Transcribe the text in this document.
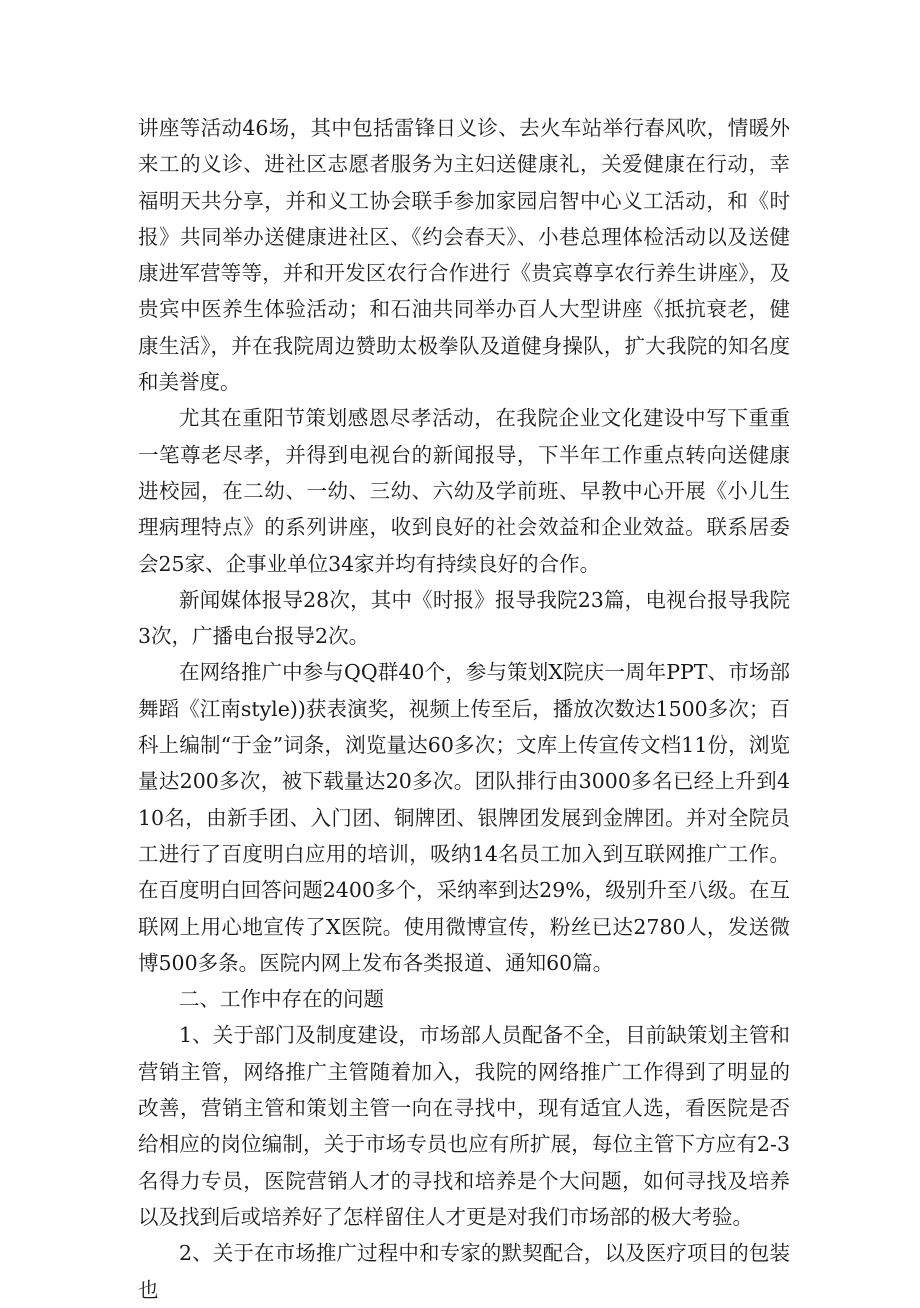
讲座等活动46场，其中包括雷锋日义诊、去火车站举行春风吹，情暖外来工的义诊、进社区志愿者服务为主妇送健康礼，关爱健康在行动，幸福明天共分享，并和义工协会联手参加家园启智中心义工活动，和《时报》共同举办送健康进社区、《约会春天》、小巷总理体检活动以及送健康进军营等等，并和开发区农行合作进行《贵宾尊享农行养生讲座》，及贵宾中医养生体验活动；和石油共同举办百人大型讲座《抵抗衰老，健康生活》，并在我院周边赞助太极拳队及道健身操队，扩大我院的知名度和美誉度。

尤其在重阳节策划感恩尽孝活动，在我院企业文化建设中写下重重一笔尊老尽孝，并得到电视台的新闻报导，下半年工作重点转向送健康进校园，在二幼、一幼、三幼、六幼及学前班、早教中心开展《小儿生理病理特点》的系列讲座，收到良好的社会效益和企业效益。联系居委会25家、企事业单位34家并均有持续良好的合作。

新闻媒体报导28次，其中《时报》报导我院23篇，电视台报导我院3次，广播电台报导2次。

在网络推广中参与QQ群40个，参与策划X院庆一周年PPT、市场部舞蹈《江南style))获表演奖，视频上传至后，播放次数达1500多次；百科上编制“于金”词条，浏览量达60多次；文库上传宣传文档11份，浏览量达200多次，被下载量达20多次。团队排行由3000多名已经上升到410名，由新手团、入门团、铜牌团、银牌团发展到金牌团。并对全院员工进行了百度明白应用的培训，吸纳14名员工加入到互联网推广工作。在百度明白回答问题2400多个，采纳率到达29%，级别升至八级。在互联网上用心地宣传了X医院。使用微博宣传，粉丝已达2780人，发送微博500多条。医院内网上发布各类报道、通知60篇。

二、工作中存在的问题

1、关于部门及制度建设，市场部人员配备不全，目前缺策划主管和营销主管，网络推广主管随着加入，我院的网络推广工作得到了明显的改善，营销主管和策划主管一向在寻找中，现有适宜人选，看医院是否给相应的岗位编制，关于市场专员也应有所扩展，每位主管下方应有2-3名得力专员，医院营销人才的寻找和培养是个大问题，如何寻找及培养以及找到后或培养好了怎样留住人才更是对我们市场部的极大考验。

2、关于在市场推广过程中和专家的默契配合，以及医疗项目的包装也
